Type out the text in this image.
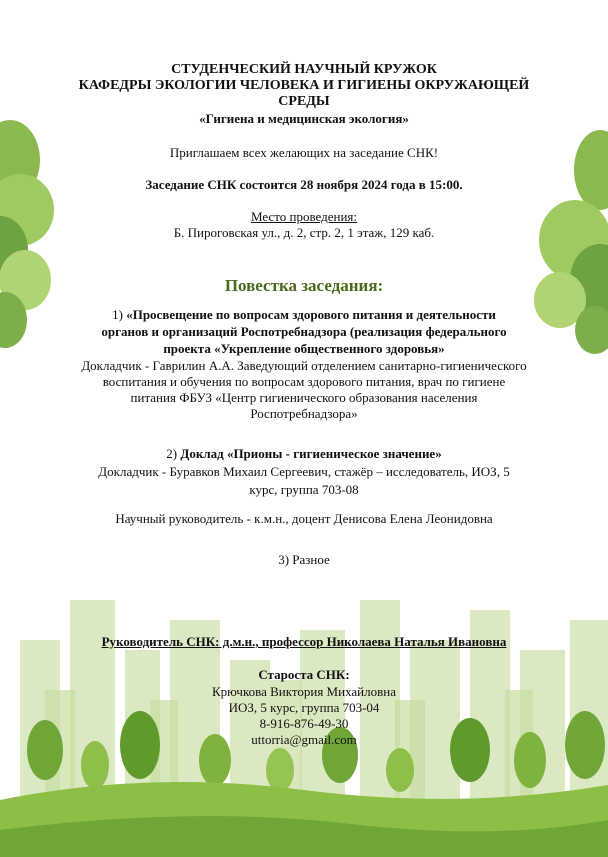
СТУДЕНЧЕСКИЙ НАУЧНЫЙ КРУЖОК
КАФЕДРЫ ЭКОЛОГИИ ЧЕЛОВЕКА И ГИГИЕНЫ ОКРУЖАЮЩЕЙ
СРЕДЫ
«Гигиена и медицинская экология»
Приглашаем всех желающих на заседание СНК!
Заседание СНК состоится 28 ноября 2024 года в 15:00.
Место проведения:
Б. Пироговская ул., д. 2, стр. 2, 1 этаж, 129 каб.
Повестка заседания:
1) «Просвещение по вопросам здорового питания и деятельности
органов и организаций Роспотребнадзора (реализация федерального
проекта «Укрепление общественного здоровья»
Докладчик - Гаврилин А.А. Заведующий отделением санитарно-гигиенического
воспитания и обучения по вопросам здорового питания, врач по гигиене
питания ФБУЗ «Центр гигиенического образования населения
Роспотребнадзора»
2) Доклад «Прионы - гигиеническое значение»
Докладчик - Буравков Михаил Сергеевич, стажёр – исследователь, ИОЗ, 5
курс, группа 703-08
Научный руководитель - к.м.н., доцент Денисова Елена Леонидовна
3) Разное
Руководитель СНК: д.м.н., профессор Николаева Наталья Ивановна
Староста СНК:
Крючкова Виктория Михайловна
ИОЗ, 5 курс, группа 703-04
8-916-876-49-30
uttorria@gmail.com
